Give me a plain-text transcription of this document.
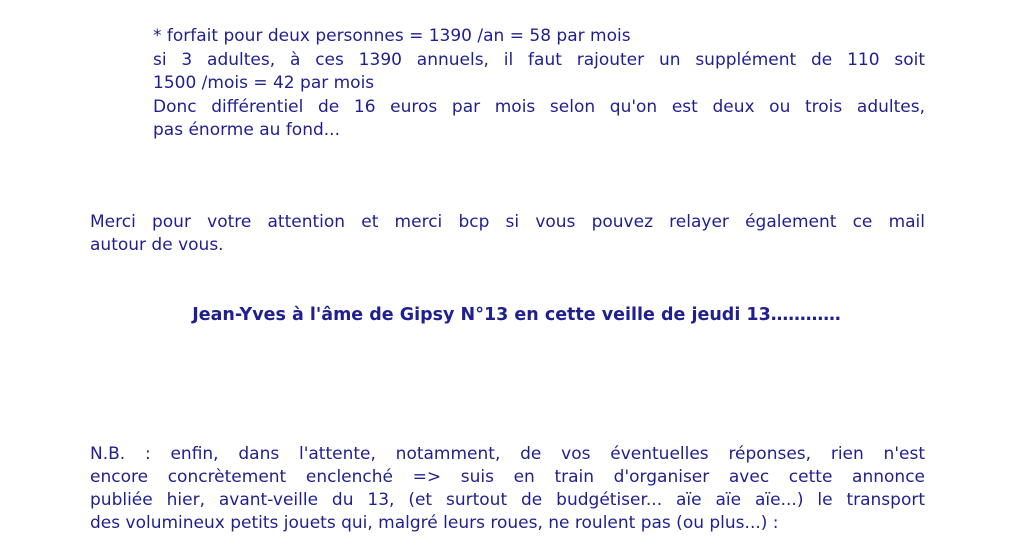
* forfait pour deux personnes = 1390 /an = 58 par mois
si 3 adultes, à ces 1390 annuels, il faut rajouter un supplément de 110 soit
1500 /mois = 42 par mois
Donc différentiel de 16 euros par mois selon qu'on est deux ou trois adultes,
pas énorme au fond...
Merci pour votre attention et merci bcp si vous pouvez relayer également ce mail
autour de vous.
Jean-Yves à l'âme de Gipsy N°13 en cette veille de jeudi 13…………
N.B. : enfin, dans l'attente, notamment, de vos éventuelles réponses, rien n'est
encore concrètement enclenché => suis en train d'organiser avec cette annonce
publiée hier, avant-veille du 13, (et surtout de budgétiser... aïe aïe aïe...) le transport
des volumineux petits jouets qui, malgré leurs roues, ne roulent pas (ou plus...) :
